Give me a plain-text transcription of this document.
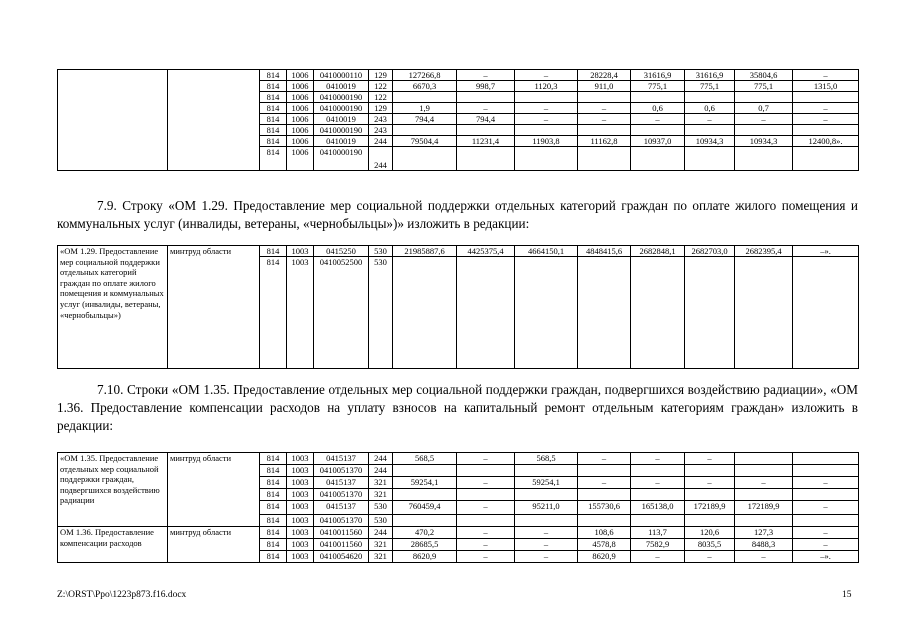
		814	1006	0410000110	129	127266,8	–	–	28228,4	31616,9	31616,9	35804,6	–
		814	1006	0410019	122	6670,3	998,7	1120,3	911,0	775,1	775,1	775,1	1315,0
		814	1006	0410000190	122								
		814	1006	0410000190	129	1,9	–	–	–	0,6	0,6	0,7	–
		814	1006	0410019	243	794,4	794,4	–	–	–	–	–	–
		814	1006	0410000190	243								
		814	1006	0410019	244	79504,4	11231,4	11903,8	11162,8	10937,0	10934,3	10934,3	12400,8».
		814	1006	0410000190	244								

7.9. Строку «ОМ 1.29. Предоставление мер социальной поддержки отдельных категорий граждан по оплате жилого помещения и коммунальных услуг (инвалиды, ветераны, «чернобыльцы»)» изложить в редакции:

«ОМ 1.29. Предоставление мер социальной поддержки отдельных категорий граждан по оплате жилого помещения и коммунальных услуг (инвалиды, ветераны, «чернобыльцы»)	минтруд области	814	1003	0415250	530	21985887,6	4425375,4	4664150,1	4848415,6	2682848,1	2682703,0	2682395,4	–».
		814	1003	0410052500	530								

7.10. Строки «ОМ 1.35. Предоставление отдельных мер социальной поддержки граждан, подвергшихся воздействию радиации», «ОМ 1.36. Предоставление компенсации расходов на уплату взносов на капитальный ремонт отдельным категориям граждан» изложить в редакции:

«ОМ 1.35. Предоставление отдельных мер социальной поддержки граждан, подвергшихся воздействию радиации	минтруд области	814	1003	0415137	244	568,5	–	568,5	–	–	–		
		814	1003	0410051370	244								
		814	1003	0415137	321	59254,1	–	59254,1	–	–	–	–	–
		814	1003	0410051370	321								
		814	1003	0415137	530	760459,4	–	95211,0	155730,6	165138,0	172189,9	172189,9	–
		814	1003	0410051370	530								
ОМ 1.36. Предоставление компенсации расходов	минтруд области	814	1003	0410011560	244	470,2	–	–	108,6	113,7	120,6	127,3	–
		814	1003	0410011560	321	28685,5	–	–	4578,8	7582,9	8035,5	8488,3	–
		814	1003	0410054620	321	8620,9	–	–	8620,9	–	–	–	–».
Z:\ORST\Ppo\1223p873.f16.docx	15
